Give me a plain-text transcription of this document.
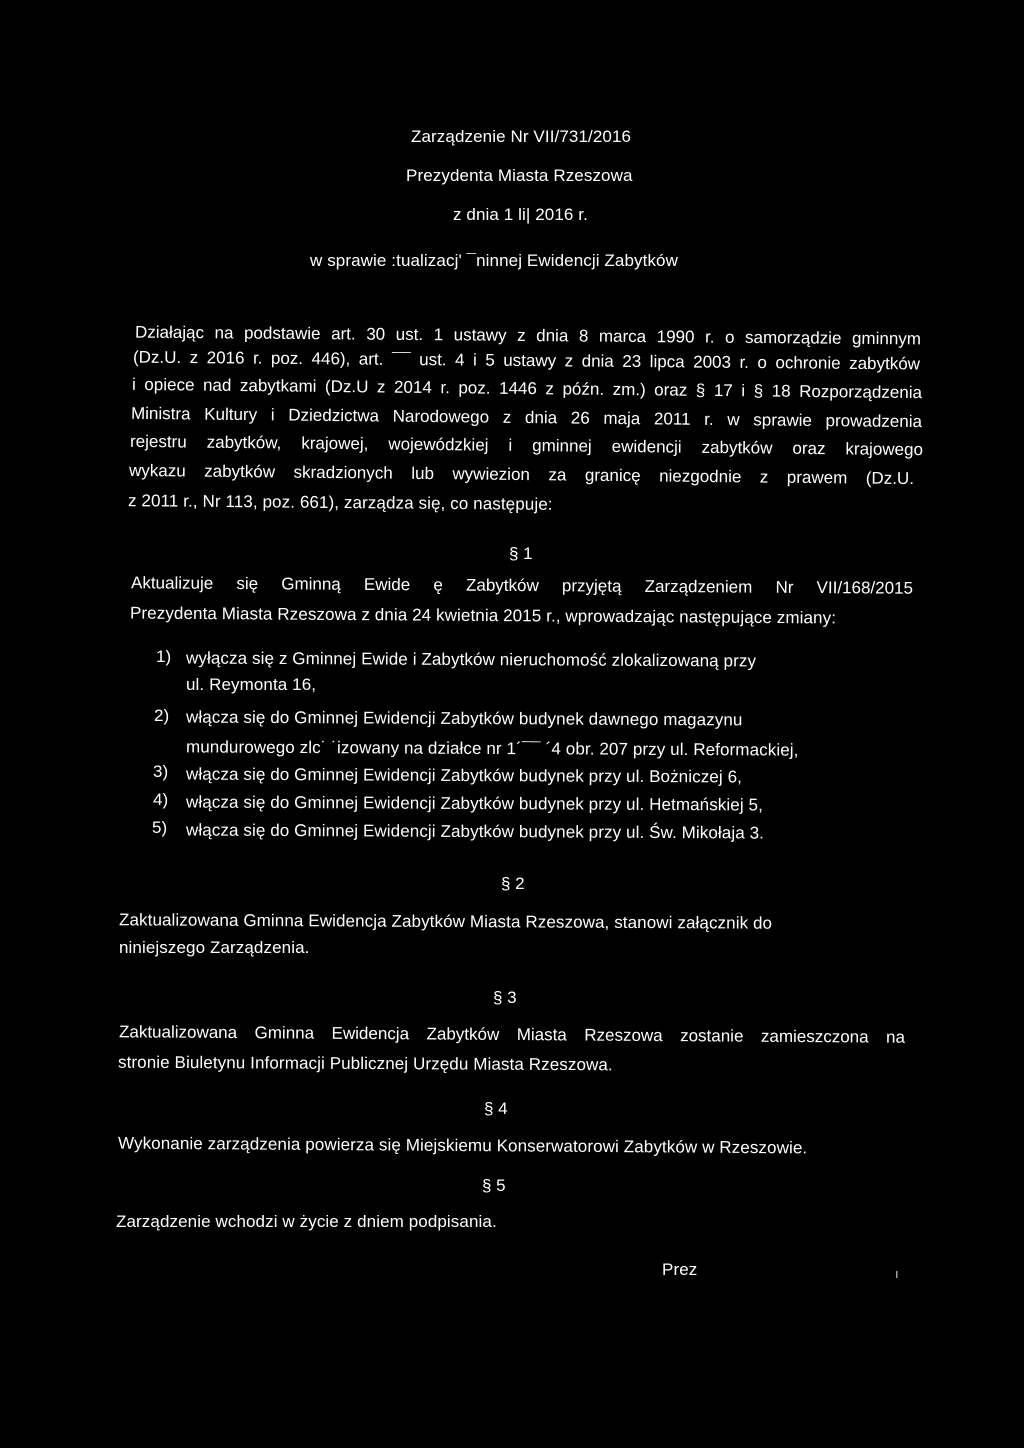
Zarządzenie Nr VII/731/2016
Prezydenta Miasta Rzeszowa
z dnia 1 li| 2016 r.
w sprawie :tualizacj' ¯ninnej Ewidencji Zabytków
Działając na podstawie art. 30 ust. 1 ustawy z dnia 8 marca 1990 r. o samorządzie gminnym
(Dz.U. z 2016 r. poz. 446), art. ¯¯ ust. 4 i 5 ustawy z dnia 23 lipca 2003 r. o ochronie zabytków
i opiece nad zabytkami (Dz.U z 2014 r. poz. 1446 z późn. zm.) oraz § 17 i § 18 Rozporządzenia
Ministra Kultury i Dziedzictwa Narodowego z dnia 26 maja 2011 r. w sprawie prowadzenia
rejestru zabytków, krajowej, wojewódzkiej i gminnej ewidencji zabytków oraz krajowego
wykazu zabytków skradzionych lub wywiezion za granicę niezgodnie z prawem (Dz.U.
z 2011 r., Nr 113, poz. 661), zarządza się, co następuje:
§ 1
Aktualizuje się Gminną Ewide ę Zabytków przyjętą Zarządzeniem Nr VII/168/2015
Prezydenta Miasta Rzeszowa z dnia 24 kwietnia 2015 r., wprowadzając następujące zmiany:
1) wyłącza się z Gminnej Ewide i Zabytków nieruchomość zlokalizowaną przy
ul. Reymonta 16,
2) włącza się do Gminnej Ewidencji Zabytków budynek dawnego magazynu
mundurowego zlc˙ ˙izowany na działce nr 1´¯¯ ´4 obr. 207 przy ul. Reformackiej,
3) włącza się do Gminnej Ewidencji Zabytków budynek przy ul. Bożniczej 6,
4) włącza się do Gminnej Ewidencji Zabytków budynek przy ul. Hetmańskiej 5,
5) włącza się do Gminnej Ewidencji Zabytków budynek przy ul. Św. Mikołaja 3.
§ 2
Zaktualizowana Gminna Ewidencja Zabytków Miasta Rzeszowa, stanowi załącznik do
niniejszego Zarządzenia.
§ 3
Zaktualizowana Gminna Ewidencja Zabytków Miasta Rzeszowa zostanie zamieszczona na
stronie Biuletynu Informacji Publicznej Urzędu Miasta Rzeszowa.
§ 4
Wykonanie zarządzenia powierza się Miejskiemu Konserwatorowi Zabytków w Rzeszowie.
§ 5
Zarządzenie wchodzi w życie z dniem podpisania.
Prez	ı
